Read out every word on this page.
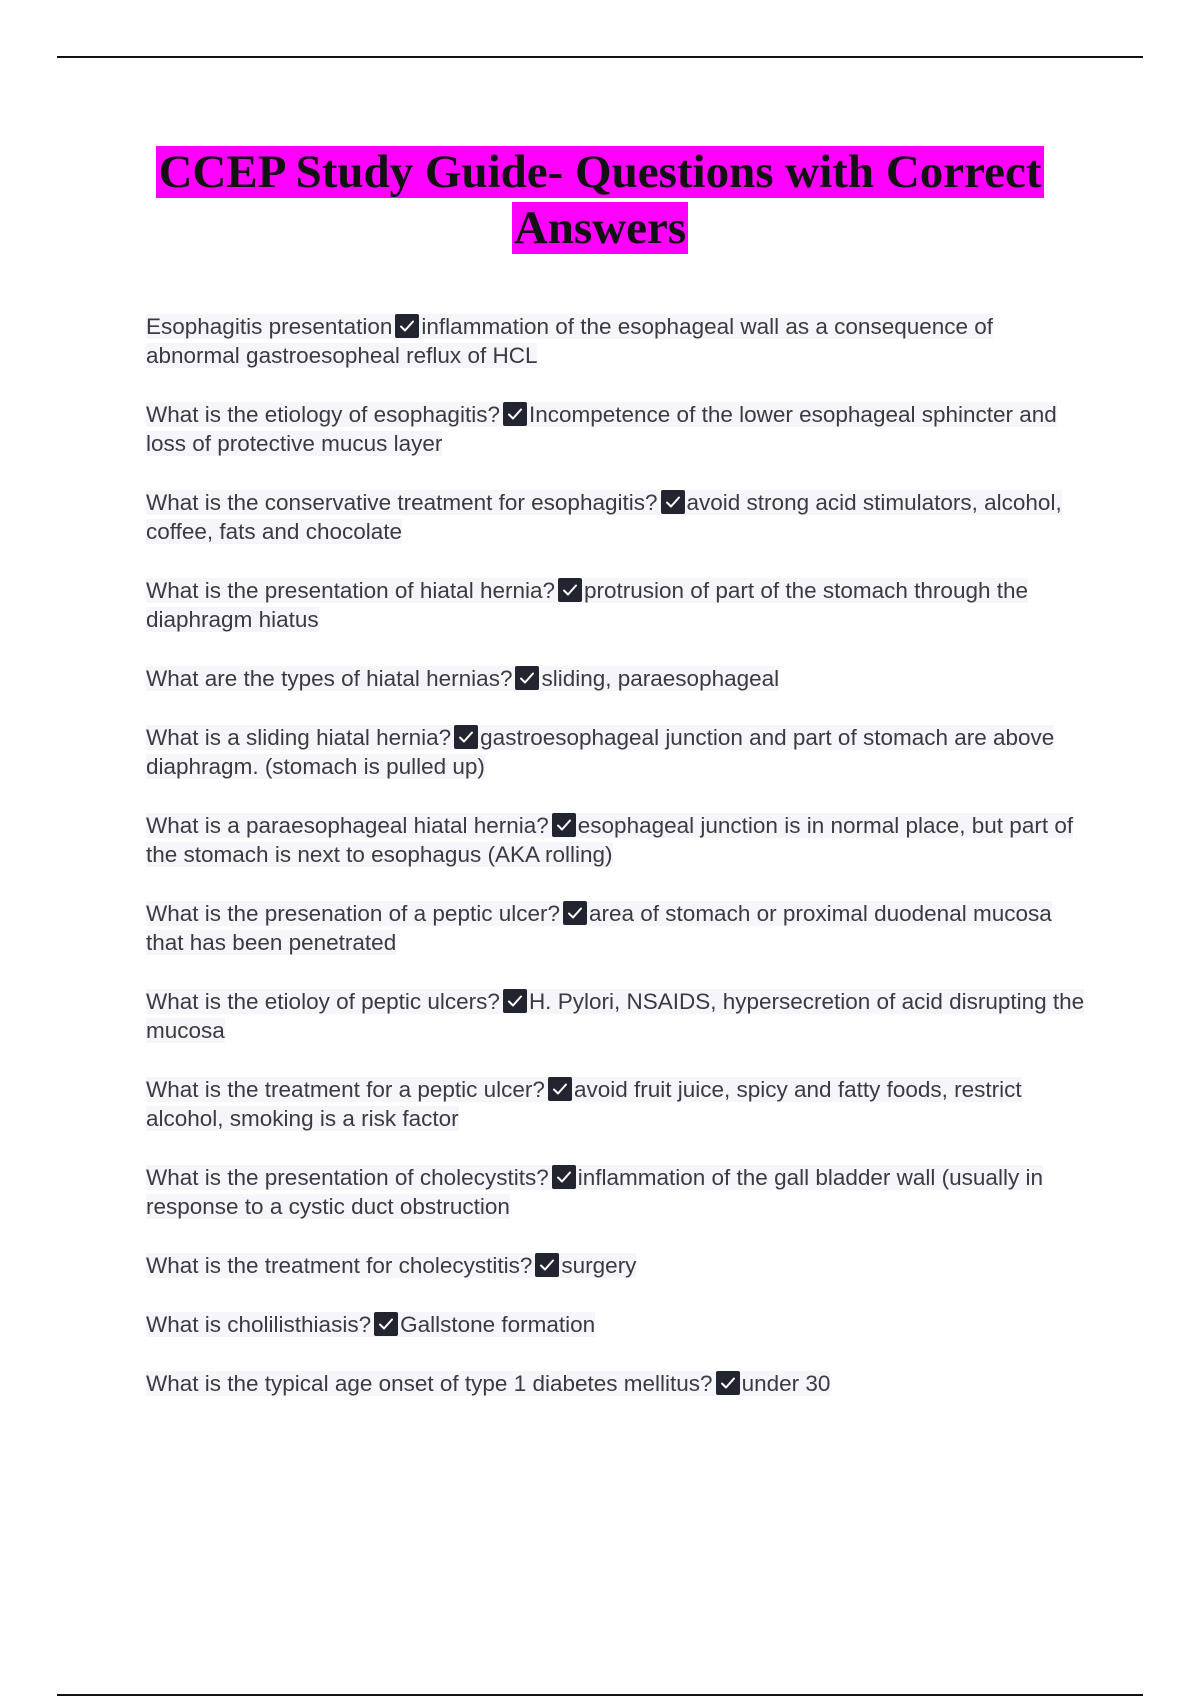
CCEP Study Guide- Questions with Correct Answers

Esophagitis presentation inflammation of the esophageal wall as a consequence of abnormal gastroesopheal reflux of HCL

What is the etiology of esophagitis? Incompetence of the lower esophageal sphincter and loss of protective mucus layer

What is the conservative treatment for esophagitis? avoid strong acid stimulators, alcohol, coffee, fats and chocolate

What is the presentation of hiatal hernia? protrusion of part of the stomach through the diaphragm hiatus

What are the types of hiatal hernias? sliding, paraesophageal

What is a sliding hiatal hernia? gastroesophageal junction and part of stomach are above diaphragm. (stomach is pulled up)

What is a paraesophageal hiatal hernia? esophageal junction is in normal place, but part of the stomach is next to esophagus (AKA rolling)

What is the presenation of a peptic ulcer? area of stomach or proximal duodenal mucosa that has been penetrated

What is the etioloy of peptic ulcers? H. Pylori, NSAIDS, hypersecretion of acid disrupting the mucosa

What is the treatment for a peptic ulcer? avoid fruit juice, spicy and fatty foods, restrict alcohol, smoking is a risk factor

What is the presentation of cholecystits? inflammation of the gall bladder wall (usually in response to a cystic duct obstruction

What is the treatment for cholecystitis? surgery

What is cholilisthiasis? Gallstone formation

What is the typical age onset of type 1 diabetes mellitus? under 30
